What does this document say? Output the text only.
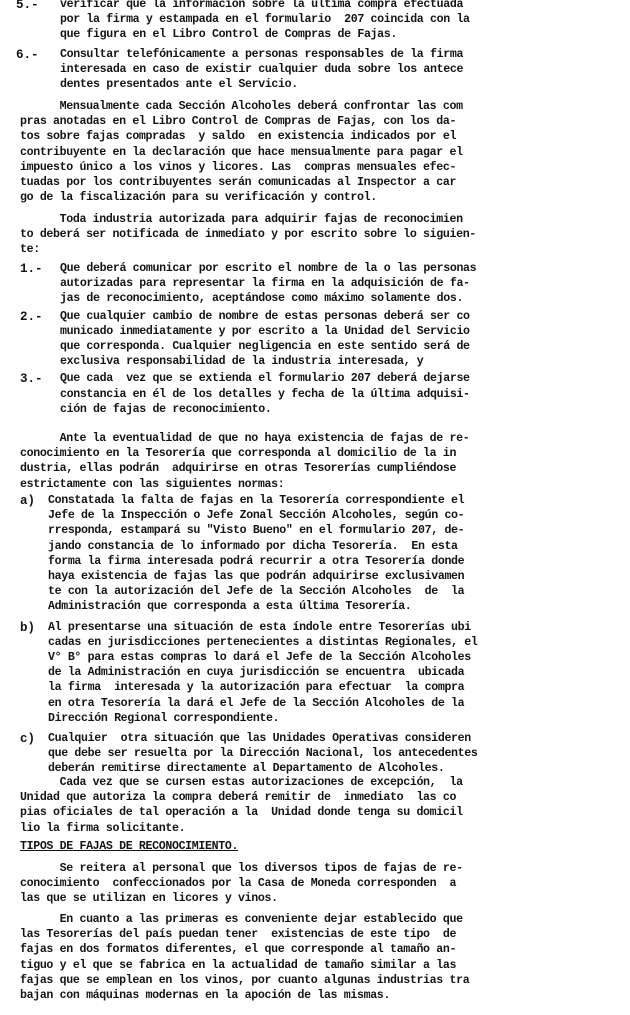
5.- verificar que la información sobre la última compra efectuada
por la firma y estampada en el formulario  207 coincida con la
que figura en el Libro Control de Compras de Fajas.
6.- Consultar telefónicamente a personas responsables de la firma
interesada en caso de existir cualquier duda sobre los antece
dentes presentados ante el Servicio.
Mensualmente cada Sección Alcoholes deberá confrontar las com
pras anotadas en el Libro Control de Compras de Fajas, con los da-
tos sobre fajas compradas  y saldo  en existencia indicados por el
contribuyente en la declaración que hace mensualmente para pagar el
impuesto único a los vinos y licores. Las  compras mensuales efec-
tuadas por los contribuyentes serán comunicadas al Inspector a car
go de la fiscalización para su verificación y control.
Toda industria autorizada para adquirir fajas de reconocimien
to deberá ser notificada de inmediato y por escrito sobre lo siguien-
te:
1.- Que deberá comunicar por escrito el nombre de la o las personas
autorizadas para representar la firma en la adquisición de fa-
jas de reconocimiento, aceptándose como máximo solamente dos.
2.- Que cualquier cambio de nombre de estas personas deberá ser co
municado inmediatamente y por escrito a la Unidad del Servicio
que corresponda. Cualquier negligencia en este sentido será de
exclusiva responsabilidad de la industria interesada, y
3.- Que cada  vez que se extienda el formulario 207 deberá dejarse
constancia en él de los detalles y fecha de la última adquisi-
ción de fajas de reconocimiento.
Ante la eventualidad de que no haya existencia de fajas de re-
conocimiento en la Tesorería que corresponda al domicilio de la in
dustria, ellas podrán  adquirirse en otras Tesorerías cumpliéndose
estrictamente con las siguientes normas:
a) Constatada la falta de fajas en la Tesorería correspondiente el
Jefe de la Inspección o Jefe Zonal Sección Alcoholes, según co-
rresponda, estampará su "Visto Bueno" en el formulario 207, de-
jando constancia de lo informado por dicha Tesorería.  En esta
forma la firma interesada podrá recurrir a otra Tesorería donde
haya existencia de fajas las que podrán adquirirse exclusivamen
te con la autorización del Jefe de la Sección Alcoholes  de  la
Administración que corresponda a esta última Tesorería.
b) Al presentarse una situación de esta índole entre Tesorerías ubi
cadas en jurisdicciones pertenecientes a distintas Regionales, el
V° B° para estas compras lo dará el Jefe de la Sección Alcoholes
de la Administración en cuya jurisdicción se encuentra  ubicada
la firma  interesada y la autorización para efectuar  la compra
en otra Tesorería la dará el Jefe de la Sección Alcoholes de la
Dirección Regional correspondiente.
c) Cualquier  otra situación que las Unidades Operativas consideren
que debe ser resuelta por la Dirección Nacional, los antecedentes
deberán remitirse directamente al Departamento de Alcoholes.
Cada vez que se cursen estas autorizaciones de excepción,  la
Unidad que autoriza la compra deberá remitir de  inmediato  las co
pias oficiales de tal operación a la  Unidad donde tenga su domicil
lio la firma solicitante.
TIPOS DE FAJAS DE RECONOCIMIENTO.
Se reitera al personal que los diversos tipos de fajas de re-
conocimiento  confeccionados por la Casa de Moneda corresponden  a
las que se utilizan en licores y vinos.
En cuanto a las primeras es conveniente dejar establecido que
las Tesorerías del país puedan tener  existencias de este tipo  de
fajas en dos formatos diferentes, el que corresponde al tamaño an-
tiguo y el que se fabrica en la actualidad de tamaño similar a las
fajas que se emplean en los vinos, por cuanto algunas industrias tra
bajan con máquinas modernas en la apoción de las mismas.
